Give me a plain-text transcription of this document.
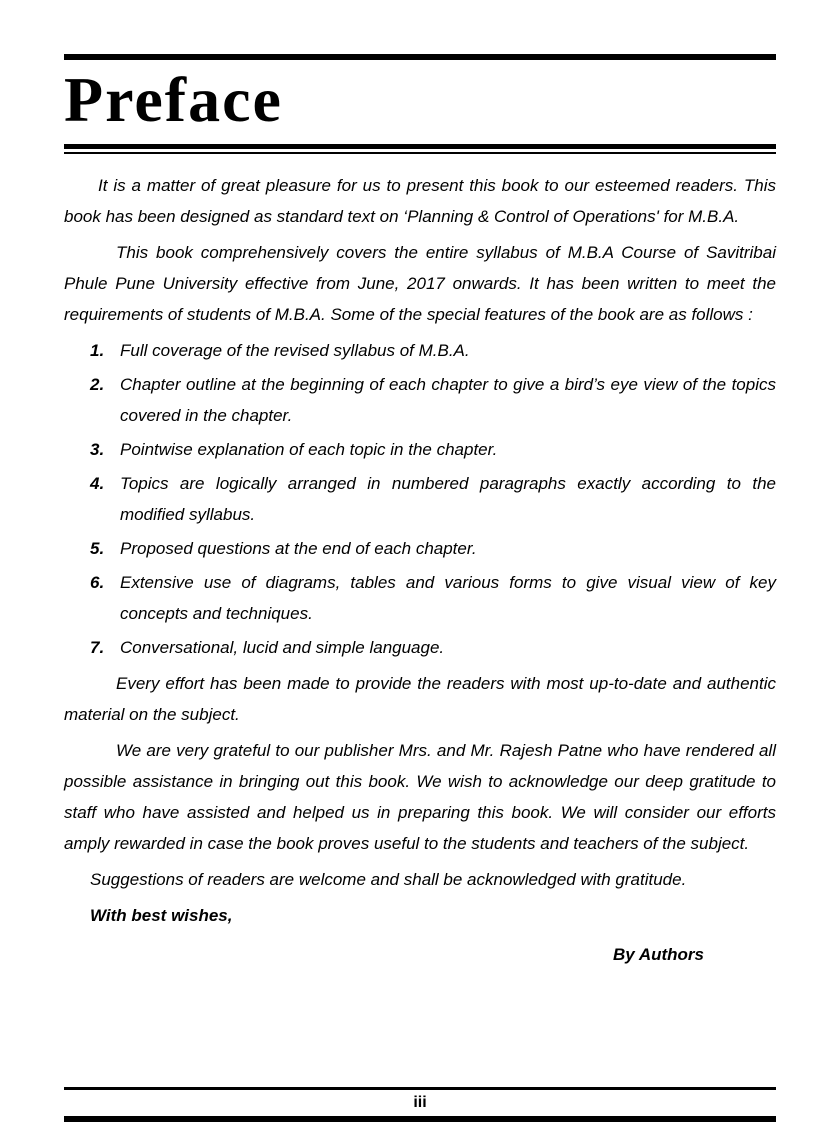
Preface

It is a matter of great pleasure for us to present this book to our esteemed readers. This book has been designed as standard text on ‘Planning & Control of Operations' for M.B.A.

This book comprehensively covers the entire syllabus of M.B.A Course of Savitribai Phule Pune University effective from June, 2017 onwards. It has been written to meet the requirements of students of M.B.A. Some of the special features of the book are as follows :

1. Full coverage of the revised syllabus of M.B.A.
2. Chapter outline at the beginning of each chapter to give a bird’s eye view of the topics covered in the chapter.
3. Pointwise explanation of each topic in the chapter.
4. Topics are logically arranged in numbered paragraphs exactly according to the modified syllabus.
5. Proposed questions at the end of each chapter.
6. Extensive use of diagrams, tables and various forms to give visual view of key concepts and techniques.
7. Conversational, lucid and simple language.

Every effort has been made to provide the readers with most up-to-date and authentic material on the subject.

We are very grateful to our publisher Mrs. and Mr. Rajesh Patne who have rendered all possible assistance in bringing out this book. We wish to acknowledge our deep gratitude to staff who have assisted and helped us in preparing this book. We will consider our efforts amply rewarded in case the book proves useful to the students and teachers of the subject.

Suggestions of readers are welcome and shall be acknowledged with gratitude.

With best wishes,
By Authors
iii
